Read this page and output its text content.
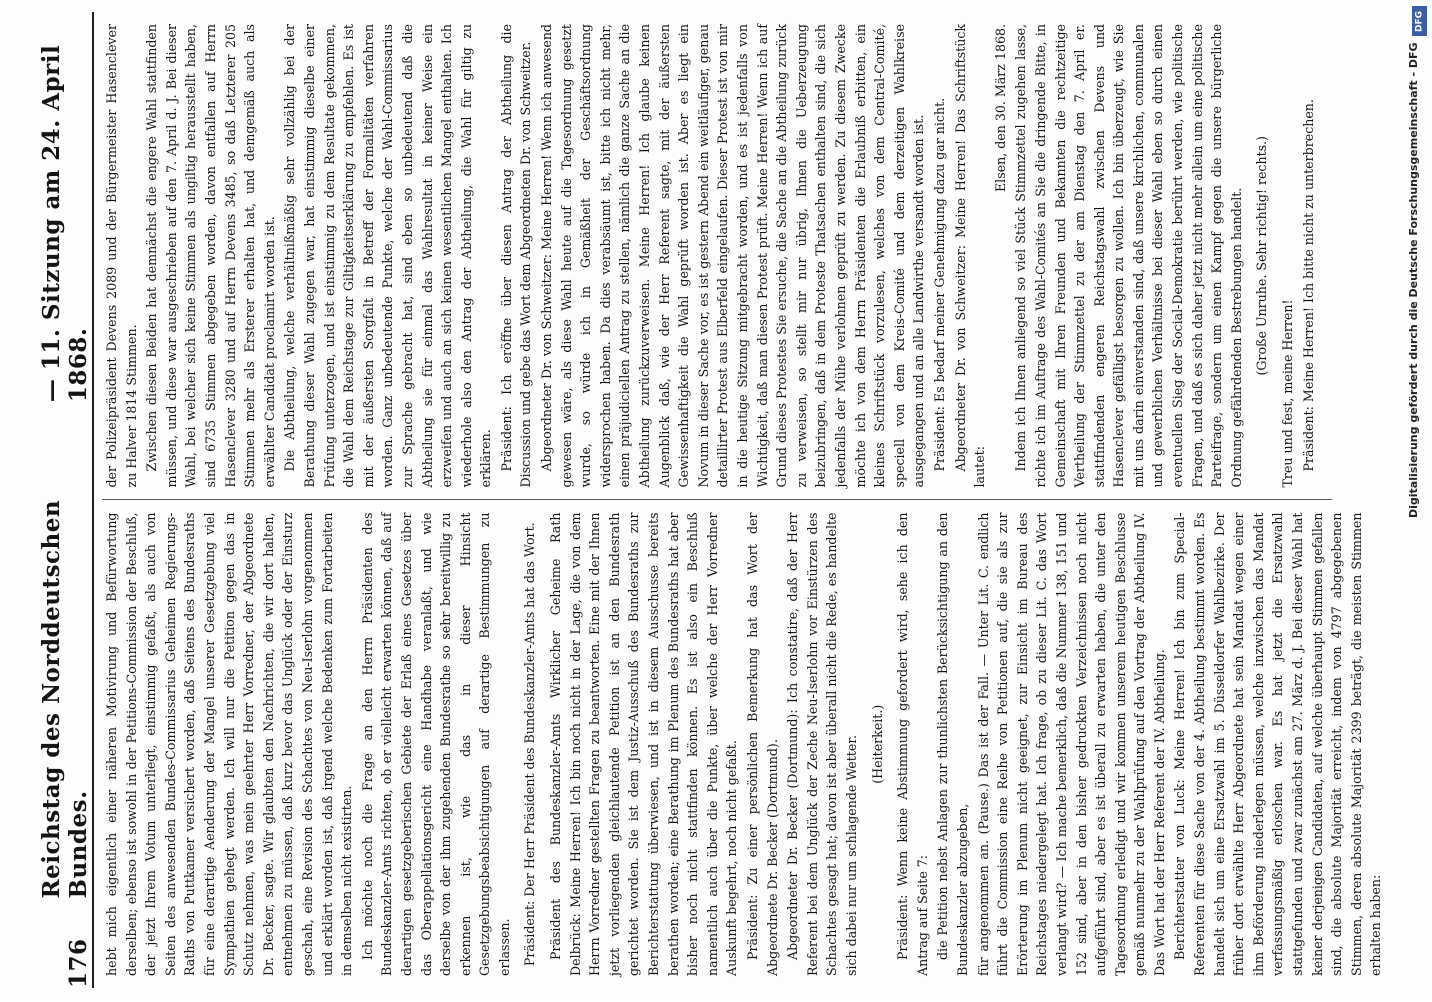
176
Reichstag des Norddeutschen Bundes.
— 11. Sitzung am 24. April 1868.

hebt mich eigentlich einer näheren Motivirung und Befürwortung derselben; ebenso ist sowohl in der Petitions-Commission der Beschluß, der jetzt Ihrem Votum unterliegt, einstimmig gefaßt, als auch von Seiten des anwesenden Bundes-Commissarius Geheimen Regierungs-Raths von Puttkamer versichert worden, daß Seitens des Bundesraths für eine derartige Aenderung der Mangel unserer Gesetzgebung viel Sympathien gehegt werden. Ich will nur die Petition gegen das in Schutz nehmen, was mein geehrter Herr Vorredner, der Abgeordnete Dr. Becker, sagte. Wir glaubten den Nachrichten, die wir dort halten, entnehmen zu müssen, daß kurz bevor das Unglück oder der Einsturz geschah, eine Revision des Schachtes von Neu-Iserlohn vorgenommen und erklärt worden ist, daß irgend welche Bedenken zum Fortarbeiten in demselben nicht existirten. Ich möchte noch die Frage an den Herrn Präsidenten des Bundeskanzler-Amts richten, ob er vielleicht erwarten können, daß auf derartigen gesetzgeberischen Gebiete der Erlaß eines Gesetzes über das Oberappellationsgericht eine Handhabe veranlaßt, und wie derselbe von der ihm zugehenden Bundesrathe so sehr bereitwillig zu erkennen ist, wie das in dieser Hinsicht Gesetzgebungsbeabsichtigungen auf derartige Bestimmungen zu erlassen. Präsident: Der Herr Präsident des Bundeskanzler-Amts hat das Wort. Präsident des Bundeskanzler-Amts Wirklicher Geheime Rath Delbrück: Meine Herren! Ich bin noch nicht in der Lage, die von dem Herrn Vorredner gestellten Fragen zu beantworten. Eine mit der Ihnen jetzt vorliegenden gleichlautende Petition ist an den Bundesrath gerichtet worden. Sie ist dem Justiz-Ausschuß des Bundesraths zur Berichterstattung überwiesen, und ist in diesem Ausschusse bereits berathen worden; eine Berathung im Plenum des Bundesraths hat aber bisher noch nicht stattfinden können. Es ist also ein Beschluß namentlich auch über die Punkte, über welche der Herr Vorredner Auskunft begehrt, noch nicht gefaßt. Präsident: Zu einer persönlichen Bemerkung hat das Wort der Abgeordnete Dr. Becker (Dortmund). Abgeordneter Dr. Becker (Dortmund): Ich constatire, daß der Herr Referent bei dem Unglück der Zeche Neu-Iserlohn vor Einstürzen des Schachtes gesagt hat; davon ist aber überall nicht die Rede, es handelte sich dabei nur um schlagende Wetter. (Heiterkeit.) Präsident: Wenn keine Abstimmung gefordert wird, sehe ich den Antrag auf Seite 7: die Petition nebst Anlagen zur thunlichsten Berücksichtigung an den Bundeskanzler abzugeben, für angenommen an. (Pause.) Das ist der Fall. — Unter Lit. C. endlich führt die Commission eine Reihe von Petitionen auf, die sie als zur Erörterung im Plenum nicht geeignet, zur Einsicht im Bureau des Reichstages niedergelegt hat. Ich frage, ob zu dieser Lit. C. das Wort verlangt wird? — Ich mache bemerklich, daß die Nummer 138, 151 und 152 sind, aber in den bisher gedruckten Verzeichnissen noch nicht aufgeführt sind, aber es ist überall zu erwarten haben, die unter den Tagesordnung erledigt und wir kommen unserem heutigen Beschlusse gemäß nunmehr zu der Wahlprüfung auf den Vortrag der Abtheilung IV. Das Wort hat der Herr Referent der IV. Abtheilung. Berichterstatter von Luck: Meine Herren! Ich bin zum Special-Referenten für diese Sache von der 4. Abtheilung bestimmt worden. Es handelt sich um eine Ersatzwahl im 5. Düsseldorfer Wahlbezirke. Der früher dort erwählte Herr Abgeordnete hat sein Mandat wegen einer ihm Beförderung niederlegen müssen, welche inzwischen das Mandat verfassungsmäßig erloschen war. Es hat jetzt die Ersatzwahl stattgefunden und zwar zunächst am 27. März d. J. Bei dieser Wahl hat keiner derjenigen Candidaten, auf welche überhaupt Stimmen gefallen sind, die absolute Majorität erreicht, indem von 4797 abgegebenen Stimmen, deren absolute Majorität 2399 beträgt, die meisten Stimmen erhalten haben:

der Polizeipräsident Devens 2089 und der Bürgermeister Hasenclever zu Halver 1814 Stimmen. Zwischen diesen Beiden hat demnächst die engere Wahl stattfinden müssen, und diese war ausgeschrieben auf den 7. April d. J. Bei dieser Wahl, bei welcher sich keine Stimmen als ungiltig herausstellt haben, sind 6735 Stimmen abgegeben worden, davon entfallen auf Herrn Hasenclever 3280 und auf Herrn Devens 3485, so daß Letzterer 205 Stimmen mehr als Ersterer erhalten hat, und demgemäß auch als erwählter Candidat proclamirt worden ist. Die Abtheilung, welche verhältnißmäßig sehr vollzählig bei der Berathung dieser Wahl zugegen war, hat einstimmig dieselbe einer Prüfung unterzogen, und ist einstimmig zu dem Resultate gekommen, die Wahl dem Reichstage zur Giltigkeitserklärung zu empfehlen. Es ist mit der äußersten Sorgfalt in Betreff der Formalitäten verfahren worden. Ganz unbedeutende Punkte, welche der Wahl-Commissarius zur Sprache gebracht hat, sind eben so unbedeutend daß die Abtheilung sie für einmal das Wahlresultat in keiner Weise ein erzweifen und auch an sich keinen wesentlichen Mangel enthalten. Ich wiederhole also den Antrag der Abtheilung, die Wahl für giltig zu erklären. Präsident: Ich eröffne über diesen Antrag der Abtheilung die Discussion und gebe das Wort dem Abgeordneten Dr. von Schweitzer. Abgeordneter Dr. von Schweitzer: Meine Herren! Wenn ich anwesend gewesen wäre, als diese Wahl heute auf die Tagesordnung gesetzt wurde, so würde ich in Gemäßheit der Geschäftsordnung widersprochen haben. Da dies verabsäumt ist, bitte ich nicht mehr, einen präjudiciellen Antrag zu stellen, nämlich die ganze Sache an die Abtheilung zurückzuverweisen. Meine Herren! Ich glaube keinen Augenblick daß, wie der Herr Referent sagte, mit der äußersten Gewissenhaftigkeit die Wahl geprüft worden ist. Aber es liegt ein Novum in dieser Sache vor, es ist gestern Abend ein weitläufiger, genau detaillirter Protest aus Elberfeld eingelaufen. Dieser Protest ist von mir in die heutige Sitzung mitgebracht worden, und es ist jedenfalls von Wichtigkeit, daß man diesen Protest prüft. Meine Herren! Wenn ich auf Grund dieses Protestes Sie ersuche, die Sache an die Abtheilung zurück zu verweisen, so stellt mir nur übrig, Ihnen die Ueberzeugung beizubringen, daß in dem Proteste Thatsachen enthalten sind, die sich jedenfalls der Mühe verlohnen geprüft zu werden. Zu diesem Zwecke möchte ich von dem Herrn Präsidenten die Erlaubniß erbitten, ein kleines Schriftstück vorzulesen, welches von dem Central-Comité, speciell von dem Kreis-Comité und dem derzeitigen Wahlkreise ausgegangen und an alle Landwirthe versandt worden ist. Präsident: Es bedarf meiner Genehmigung dazu gar nicht. Abgeordneter Dr. von Schweitzer: Meine Herren! Das Schriftstück lautet:

Elsen, den 30. März 1868. Indem ich Ihnen anliegend so viel Stück Stimmzettel zugehen lasse, richte ich im Auftrage des Wahl-Comités an Sie die dringende Bitte, in Gemeinschaft mit Ihren Freunden und Bekannten die rechtzeitige Vertheilung der Stimmzettel zu der am Dienstag den 7. April er. stattfindenden engeren Reichstagswahl zwischen Devens und Hasenclever gefälligst besorgen zu wollen. Ich bin überzeugt, wie Sie mit uns darin einverstanden sind, daß unsere kirchlichen, communalen und gewerblichen Verhältnisse bei dieser Wahl eben so durch einen eventuellen Sieg der Social-Demokratie berührt werden, wie politische Fragen, und daß es sich daher jetzt nicht mehr allein um eine politische Parteifrage, sondern um einen Kampf gegen die unsere bürgerliche Ordnung gefährdenden Bestrebungen handelt. (Große Unruhe. Sehr richtig! rechts.)

Treu und fest, meine Herren! Präsident: Meine Herren! Ich bitte nicht zu unterbrechen.

DFG
Digitalisierung gefördert durch die Deutsche Forschungsgemeinschaft - DFG
